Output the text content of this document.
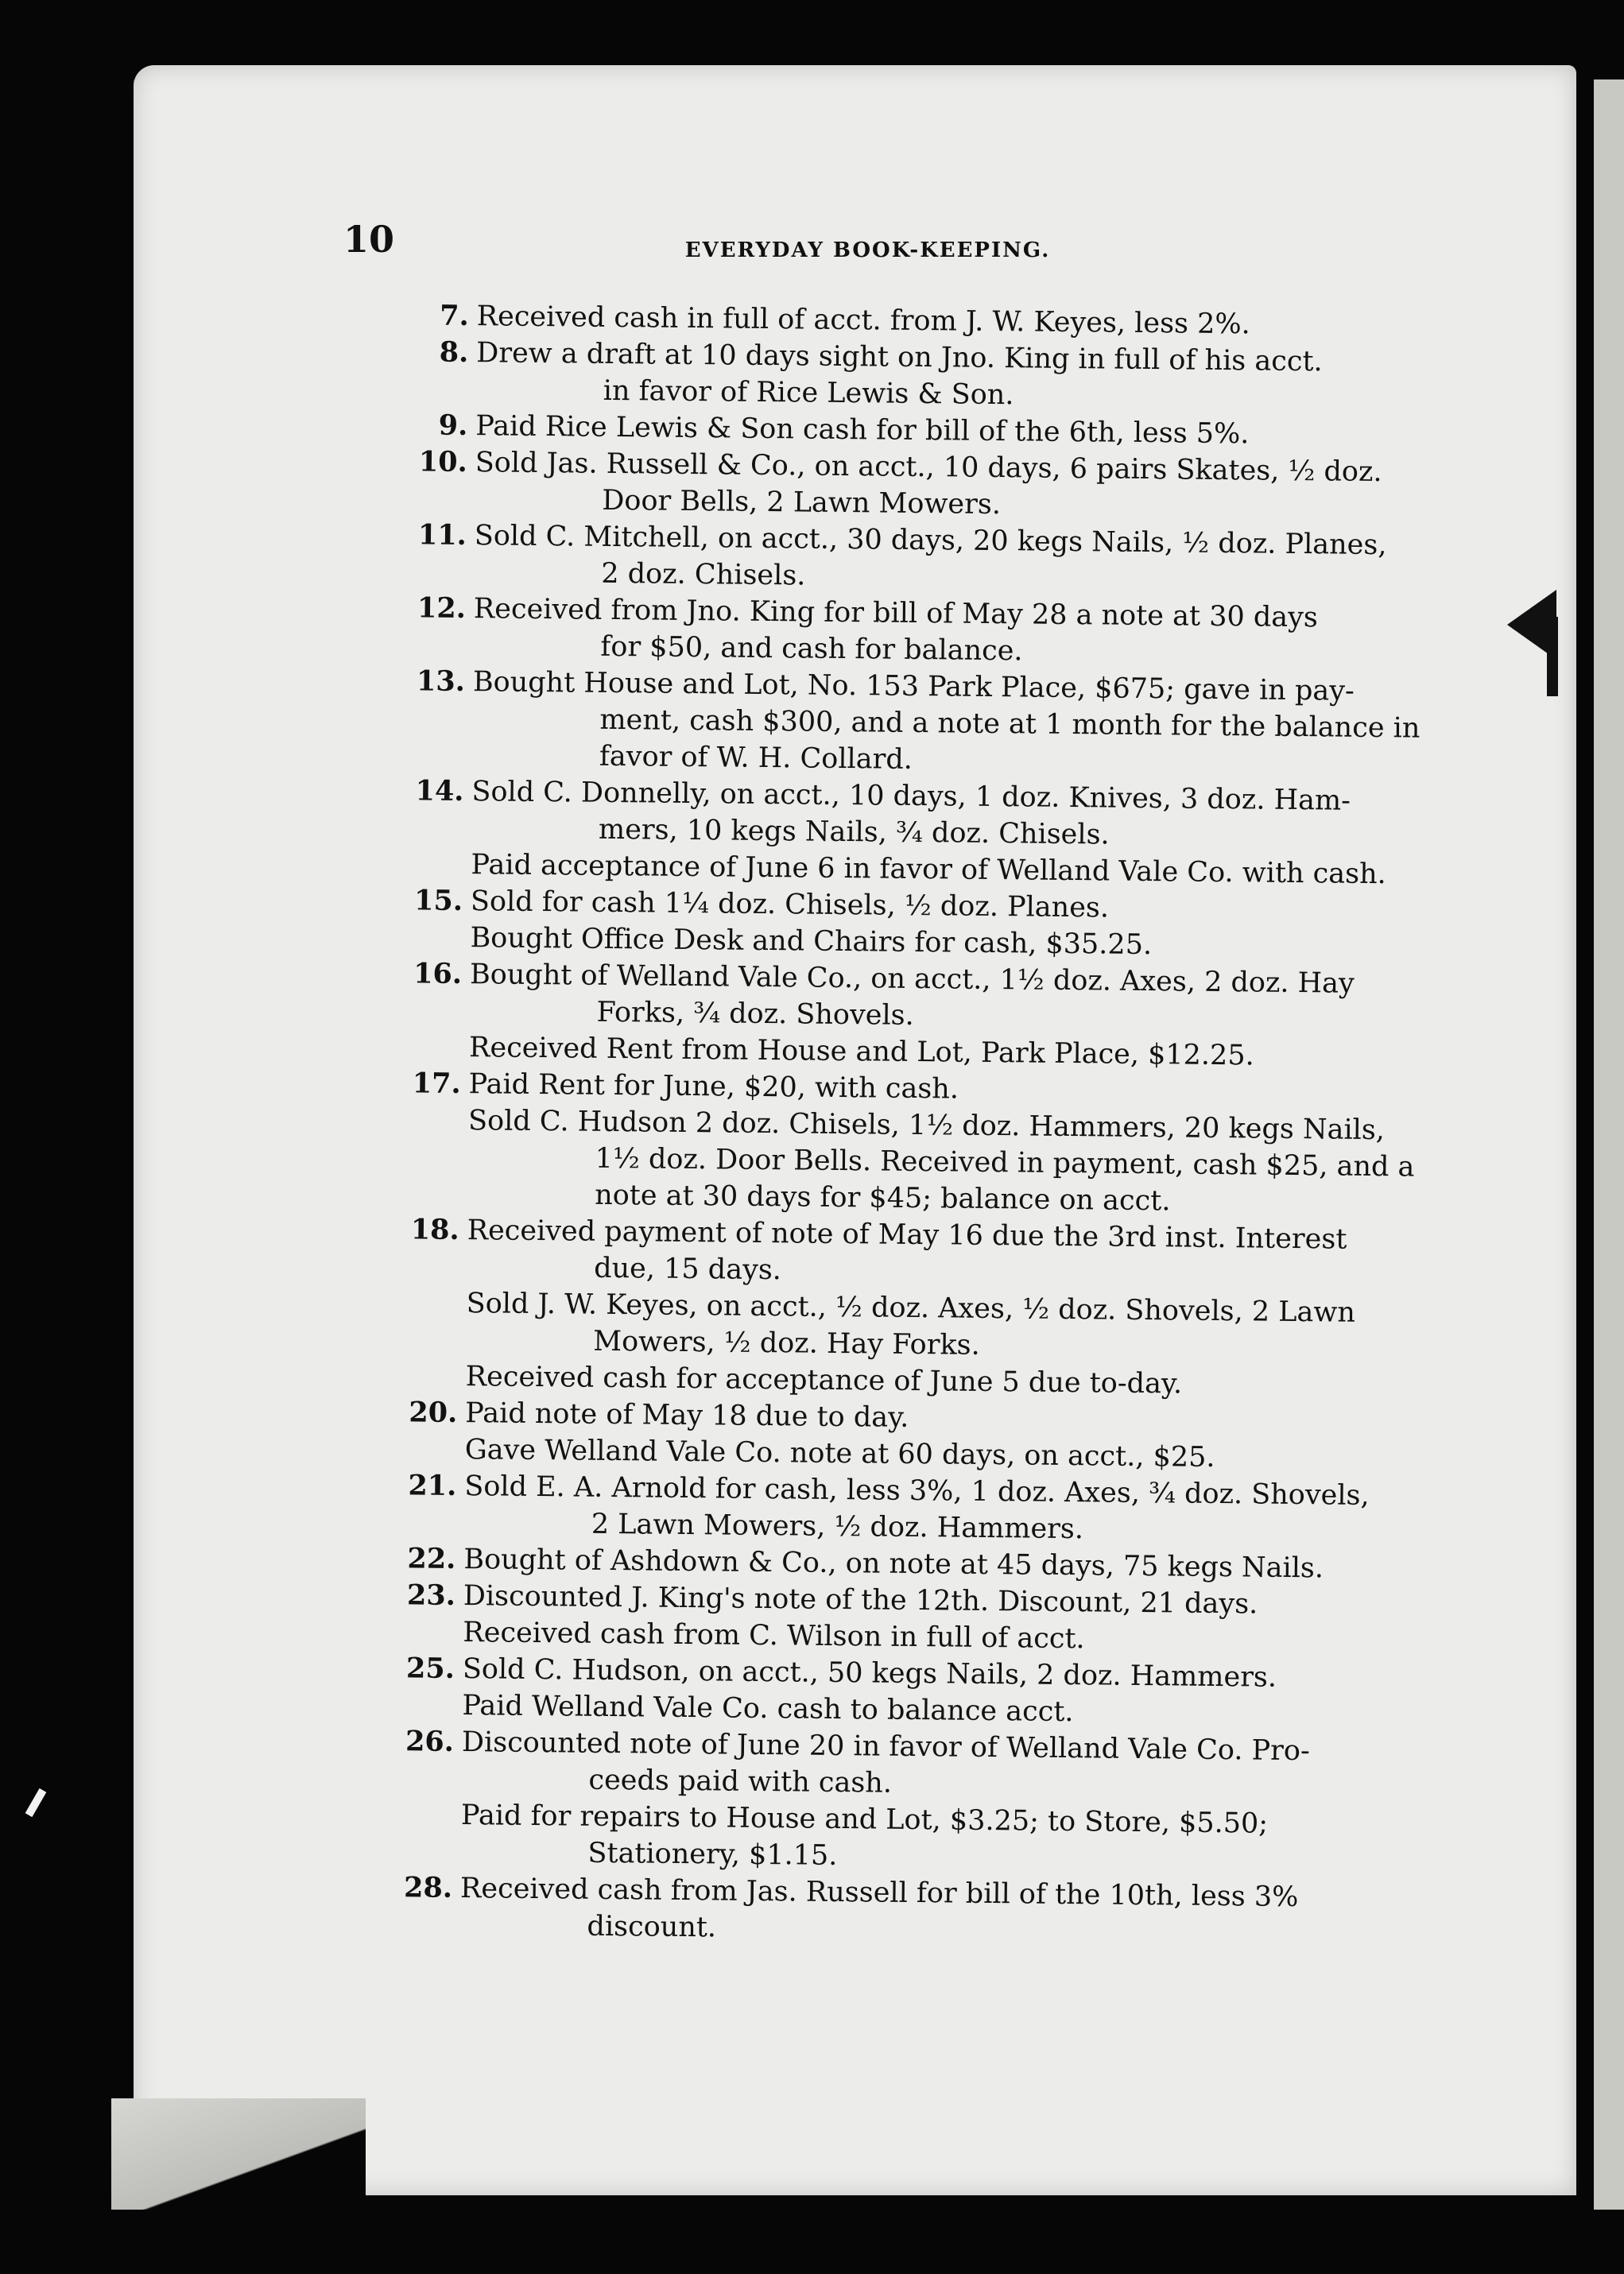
10	EVERYDAY BOOK-KEEPING.
7. Received cash in full of acct. from J. W. Keyes, less 2%.
8. Drew a draft at 10 days sight on Jno. King in full of his acct.
in favor of Rice Lewis & Son.
9. Paid Rice Lewis & Son cash for bill of the 6th, less 5%.
10. Sold Jas. Russell & Co., on acct., 10 days, 6 pairs Skates, ½ doz.
Door Bells, 2 Lawn Mowers.
11. Sold C. Mitchell, on acct., 30 days, 20 kegs Nails, ½ doz. Planes,
2 doz. Chisels.
12. Received from Jno. King for bill of May 28 a note at 30 days
for $50, and cash for balance.
13. Bought House and Lot, No. 153 Park Place, $675; gave in pay-
ment, cash $300, and a note at 1 month for the balance in
favor of W. H. Collard.
14. Sold C. Donnelly, on acct., 10 days, 1 doz. Knives, 3 doz. Ham-
mers, 10 kegs Nails, ¾ doz. Chisels.
Paid acceptance of June 6 in favor of Welland Vale Co. with cash.
15. Sold for cash 1¼ doz. Chisels, ½ doz. Planes.
Bought Office Desk and Chairs for cash, $35.25.
16. Bought of Welland Vale Co., on acct., 1½ doz. Axes, 2 doz. Hay
Forks, ¾ doz. Shovels.
Received Rent from House and Lot, Park Place, $12.25.
17. Paid Rent for June, $20, with cash.
Sold C. Hudson 2 doz. Chisels, 1½ doz. Hammers, 20 kegs Nails,
1½ doz. Door Bells. Received in payment, cash $25, and a
note at 30 days for $45; balance on acct.
18. Received payment of note of May 16 due the 3rd inst. Interest
due, 15 days.
Sold J. W. Keyes, on acct., ½ doz. Axes, ½ doz. Shovels, 2 Lawn
Mowers, ½ doz. Hay Forks.
Received cash for acceptance of June 5 due to-day.
20. Paid note of May 18 due to day.
Gave Welland Vale Co. note at 60 days, on acct., $25.
21. Sold E. A. Arnold for cash, less 3%, 1 doz. Axes, ¾ doz. Shovels,
2 Lawn Mowers, ½ doz. Hammers.
22. Bought of Ashdown & Co., on note at 45 days, 75 kegs Nails.
23. Discounted J. King's note of the 12th. Discount, 21 days.
Received cash from C. Wilson in full of acct.
25. Sold C. Hudson, on acct., 50 kegs Nails, 2 doz. Hammers.
Paid Welland Vale Co. cash to balance acct.
26. Discounted note of June 20 in favor of Welland Vale Co. Pro-
ceeds paid with cash.
Paid for repairs to House and Lot, $3.25; to Store, $5.50;
Stationery, $1.15.
28. Received cash from Jas. Russell for bill of the 10th, less 3%
discount.
